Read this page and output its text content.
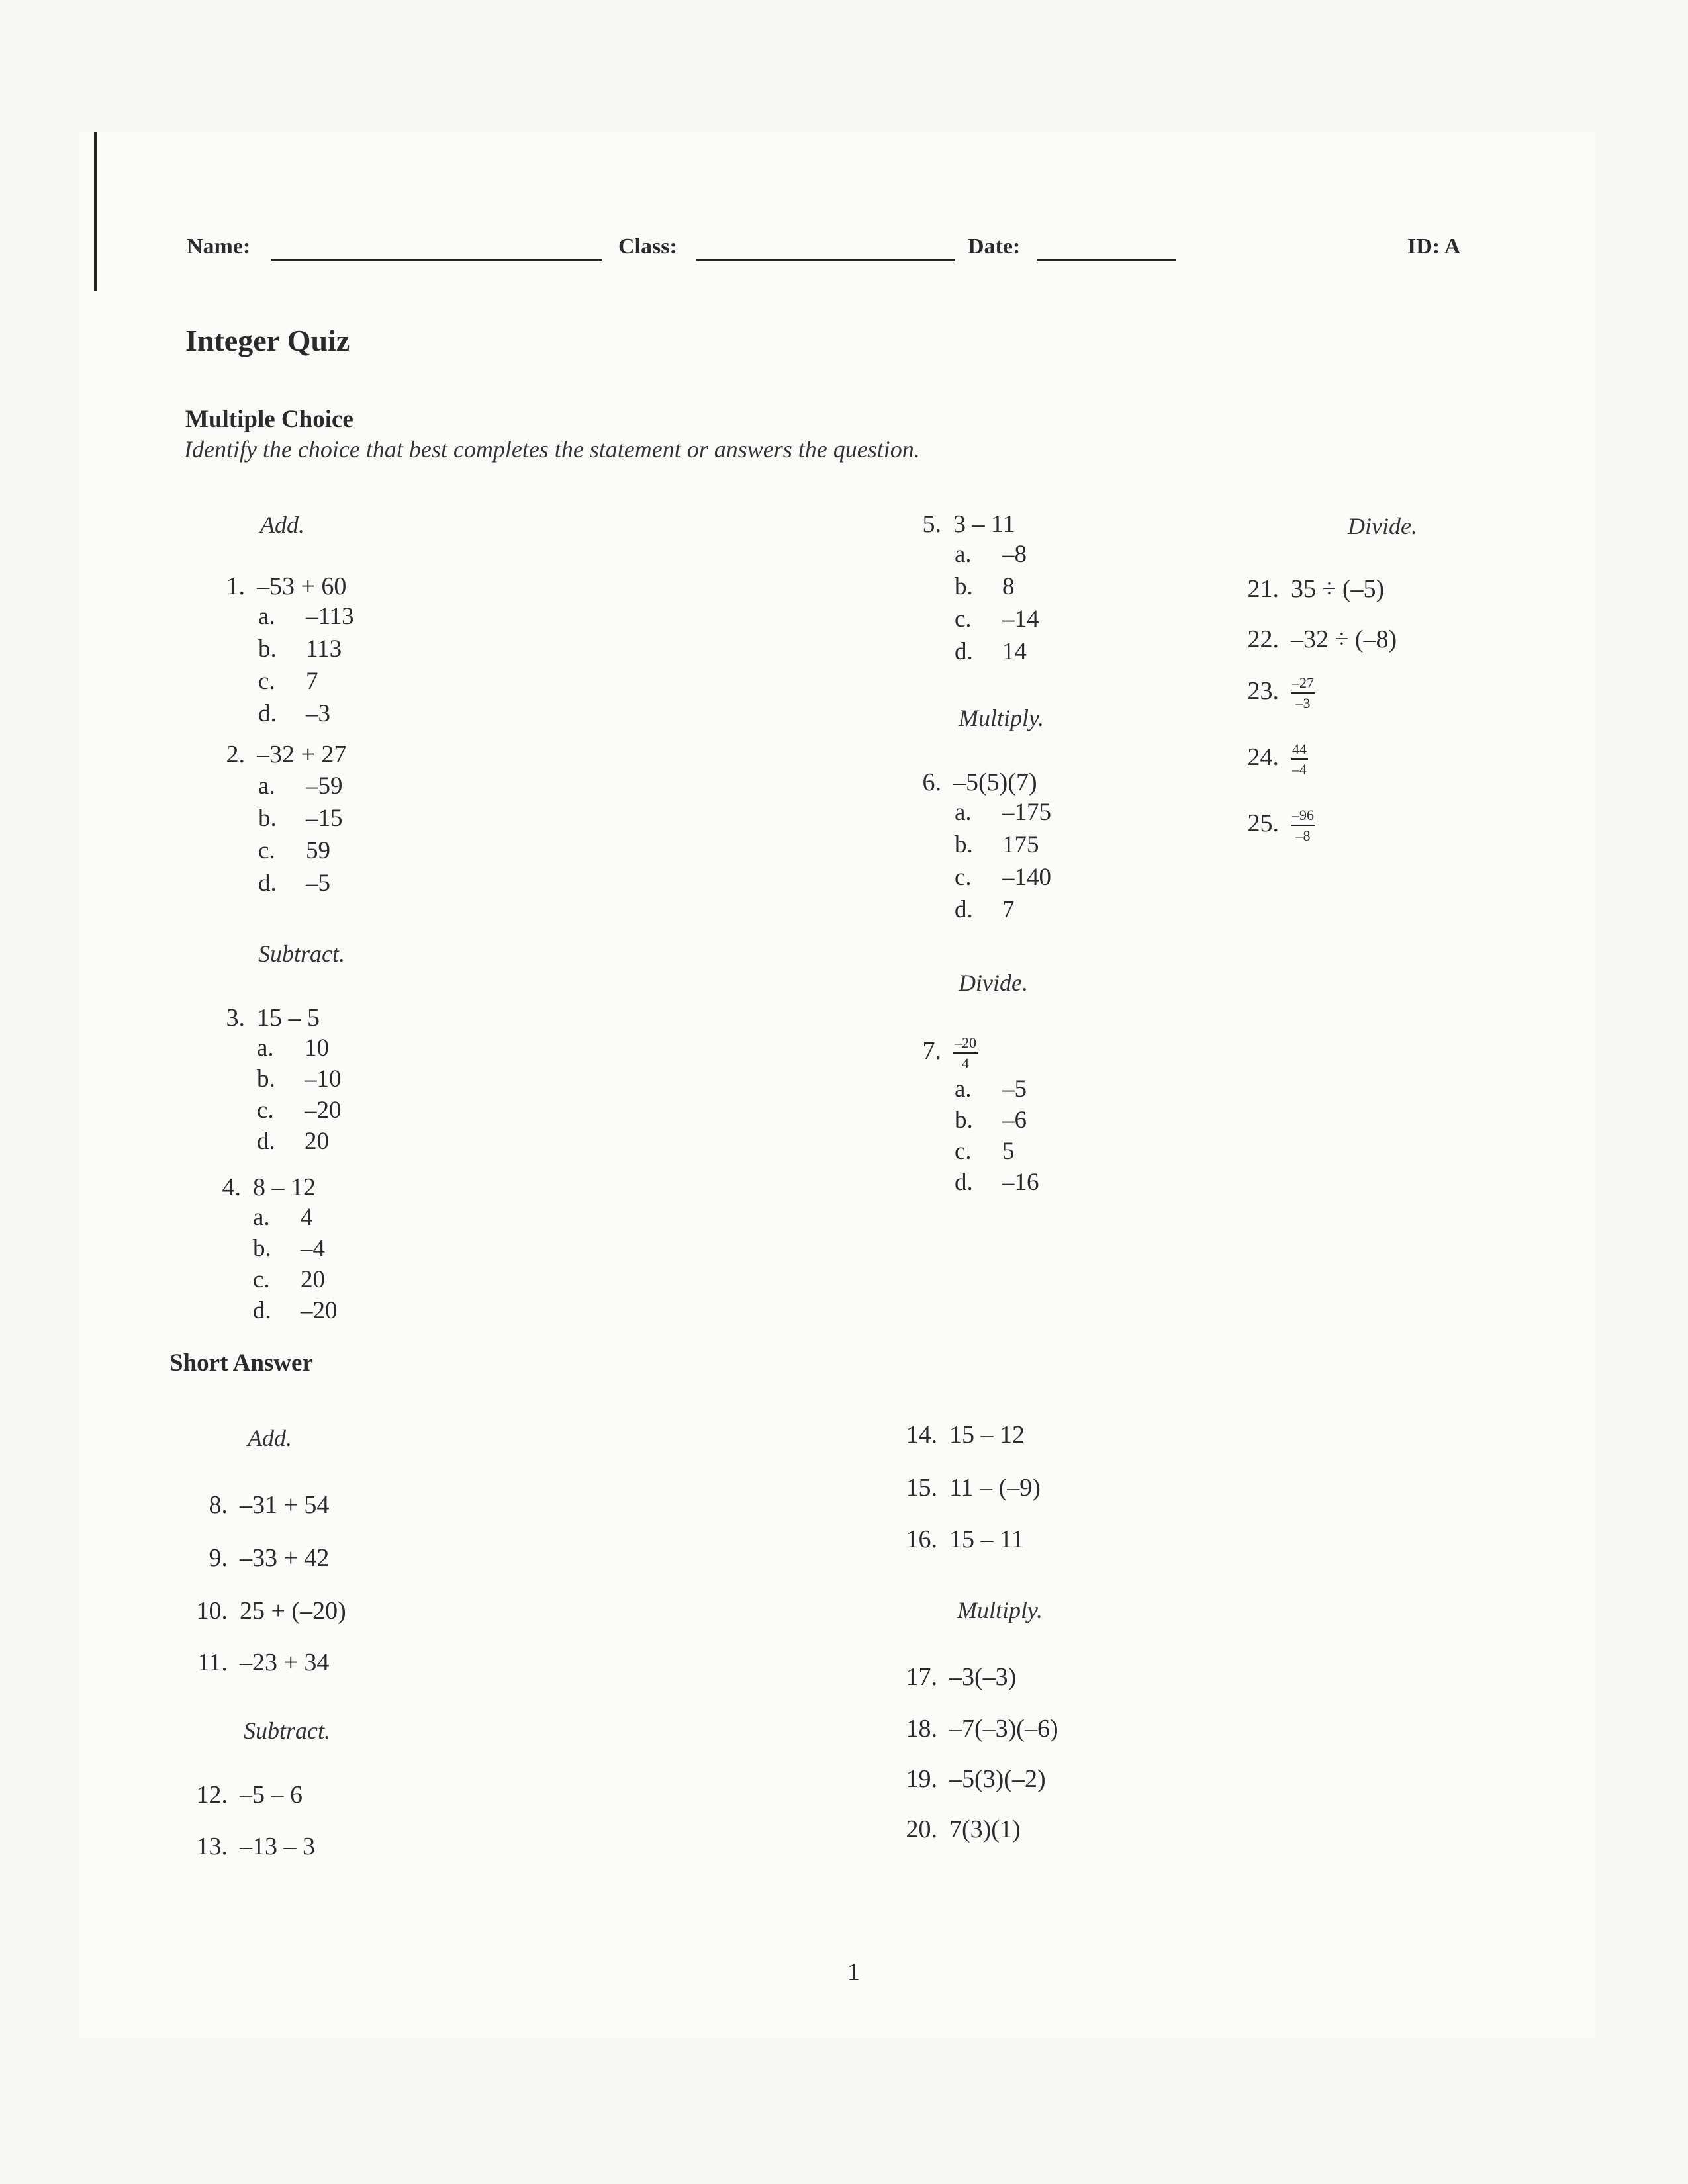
Name:	Class:	Date:	ID: A
Integer Quiz
Multiple Choice
Identify the choice that best completes the statement or answers the question.
Add.
1. –53 + 60
a. –113
b. 113
c. 7
d. –3
2. –32 + 27
a. –59
b. –15
c. 59
d. –5
Subtract.
3. 15 – 5
a. 10
b. –10
c. –20
d. 20
4. 8 – 12
a. 4
b. –4
c. 20
d. –20
5. 3 – 11
a. –8
b. 8
c. –14
d. 14
Multiply.
6. –5(5)(7)
a. –175
b. 175
c. –140
d. 7
Divide.
7. $\frac{-20}{4}$
a. –5
b. –6
c. 5
d. –16
Divide.
21. 35 ÷ (–5)
22. –32 ÷ (–8)
23. $\frac{-27}{-3}$
24. $\frac{44}{-4}$
25. $\frac{-96}{-8}$
Short Answer
Add.
8. –31 + 54
9. –33 + 42
10. 25 + (–20)
11. –23 + 34
Subtract.
12. –5 – 6
13. –13 – 3
14. 15 – 12
15. 11 – (–9)
16. 15 – 11
Multiply.
17. –3(–3)
18. –7(–3)(–6)
19. –5(3)(–2)
20. 7(3)(1)
1
